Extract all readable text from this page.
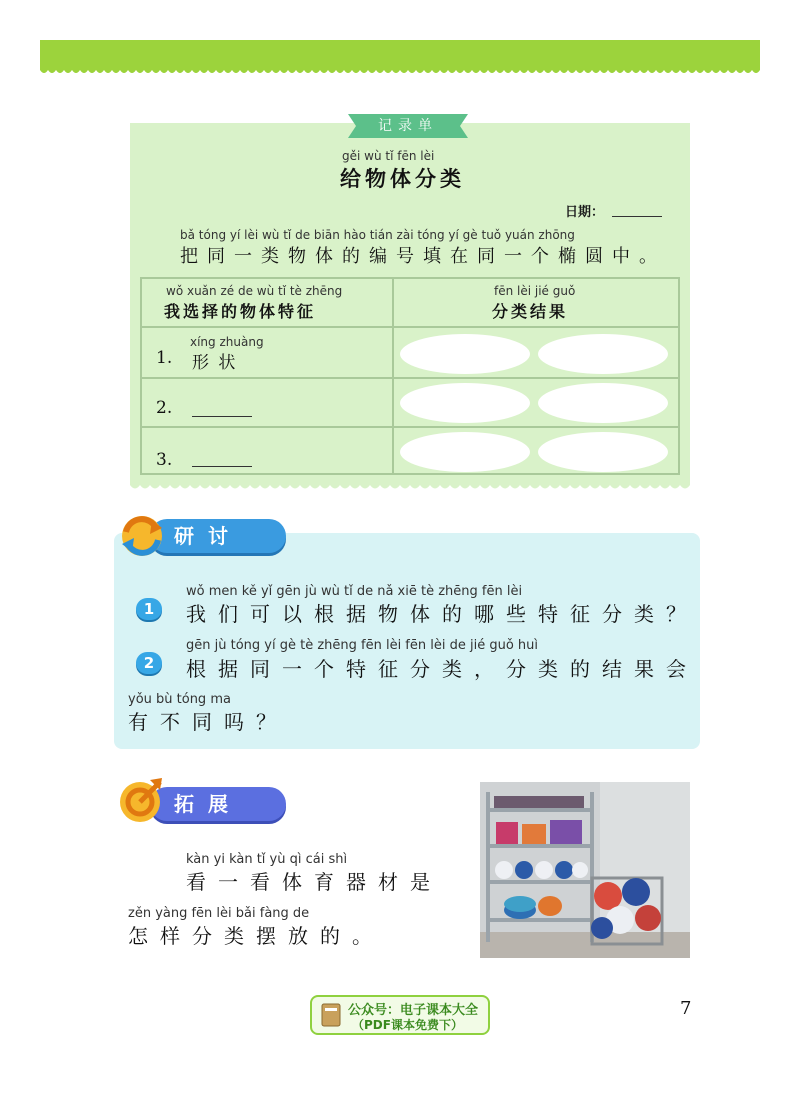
记录单
gěi wù tǐ fēn lèi
给物体分类
日期：
bǎ tóng yí lèi wù tǐ de biān hào tián zài tóng yí gè tuǒ yuán zhōng
把同一类物体的编号填在同一个椭圆中。
wǒ xuǎn zé de wù tǐ tè zhēng
我选择的物体特征
fēn lèi jié guǒ
分类结果
1.
xíng zhuàng
形 状
2.
3.
研讨
1
wǒ men kě yǐ gēn jù wù tǐ de nǎ xiē tè zhēng fēn lèi
我们可以根据物体的哪些特征分类？
2
gēn jù tóng yí gè tè zhēng fēn lèi fēn lèi de jié guǒ huì
根据同一个特征分类，分类的结果会
yǒu bù tóng ma
有不同吗？
拓展
kàn yi kàn tǐ yù qì cái shì
看一看体育器材是
zěn yàng fēn lèi bǎi fàng de
怎样分类摆放的。
公众号：电子课本大全
（PDF课本免费下）
7
